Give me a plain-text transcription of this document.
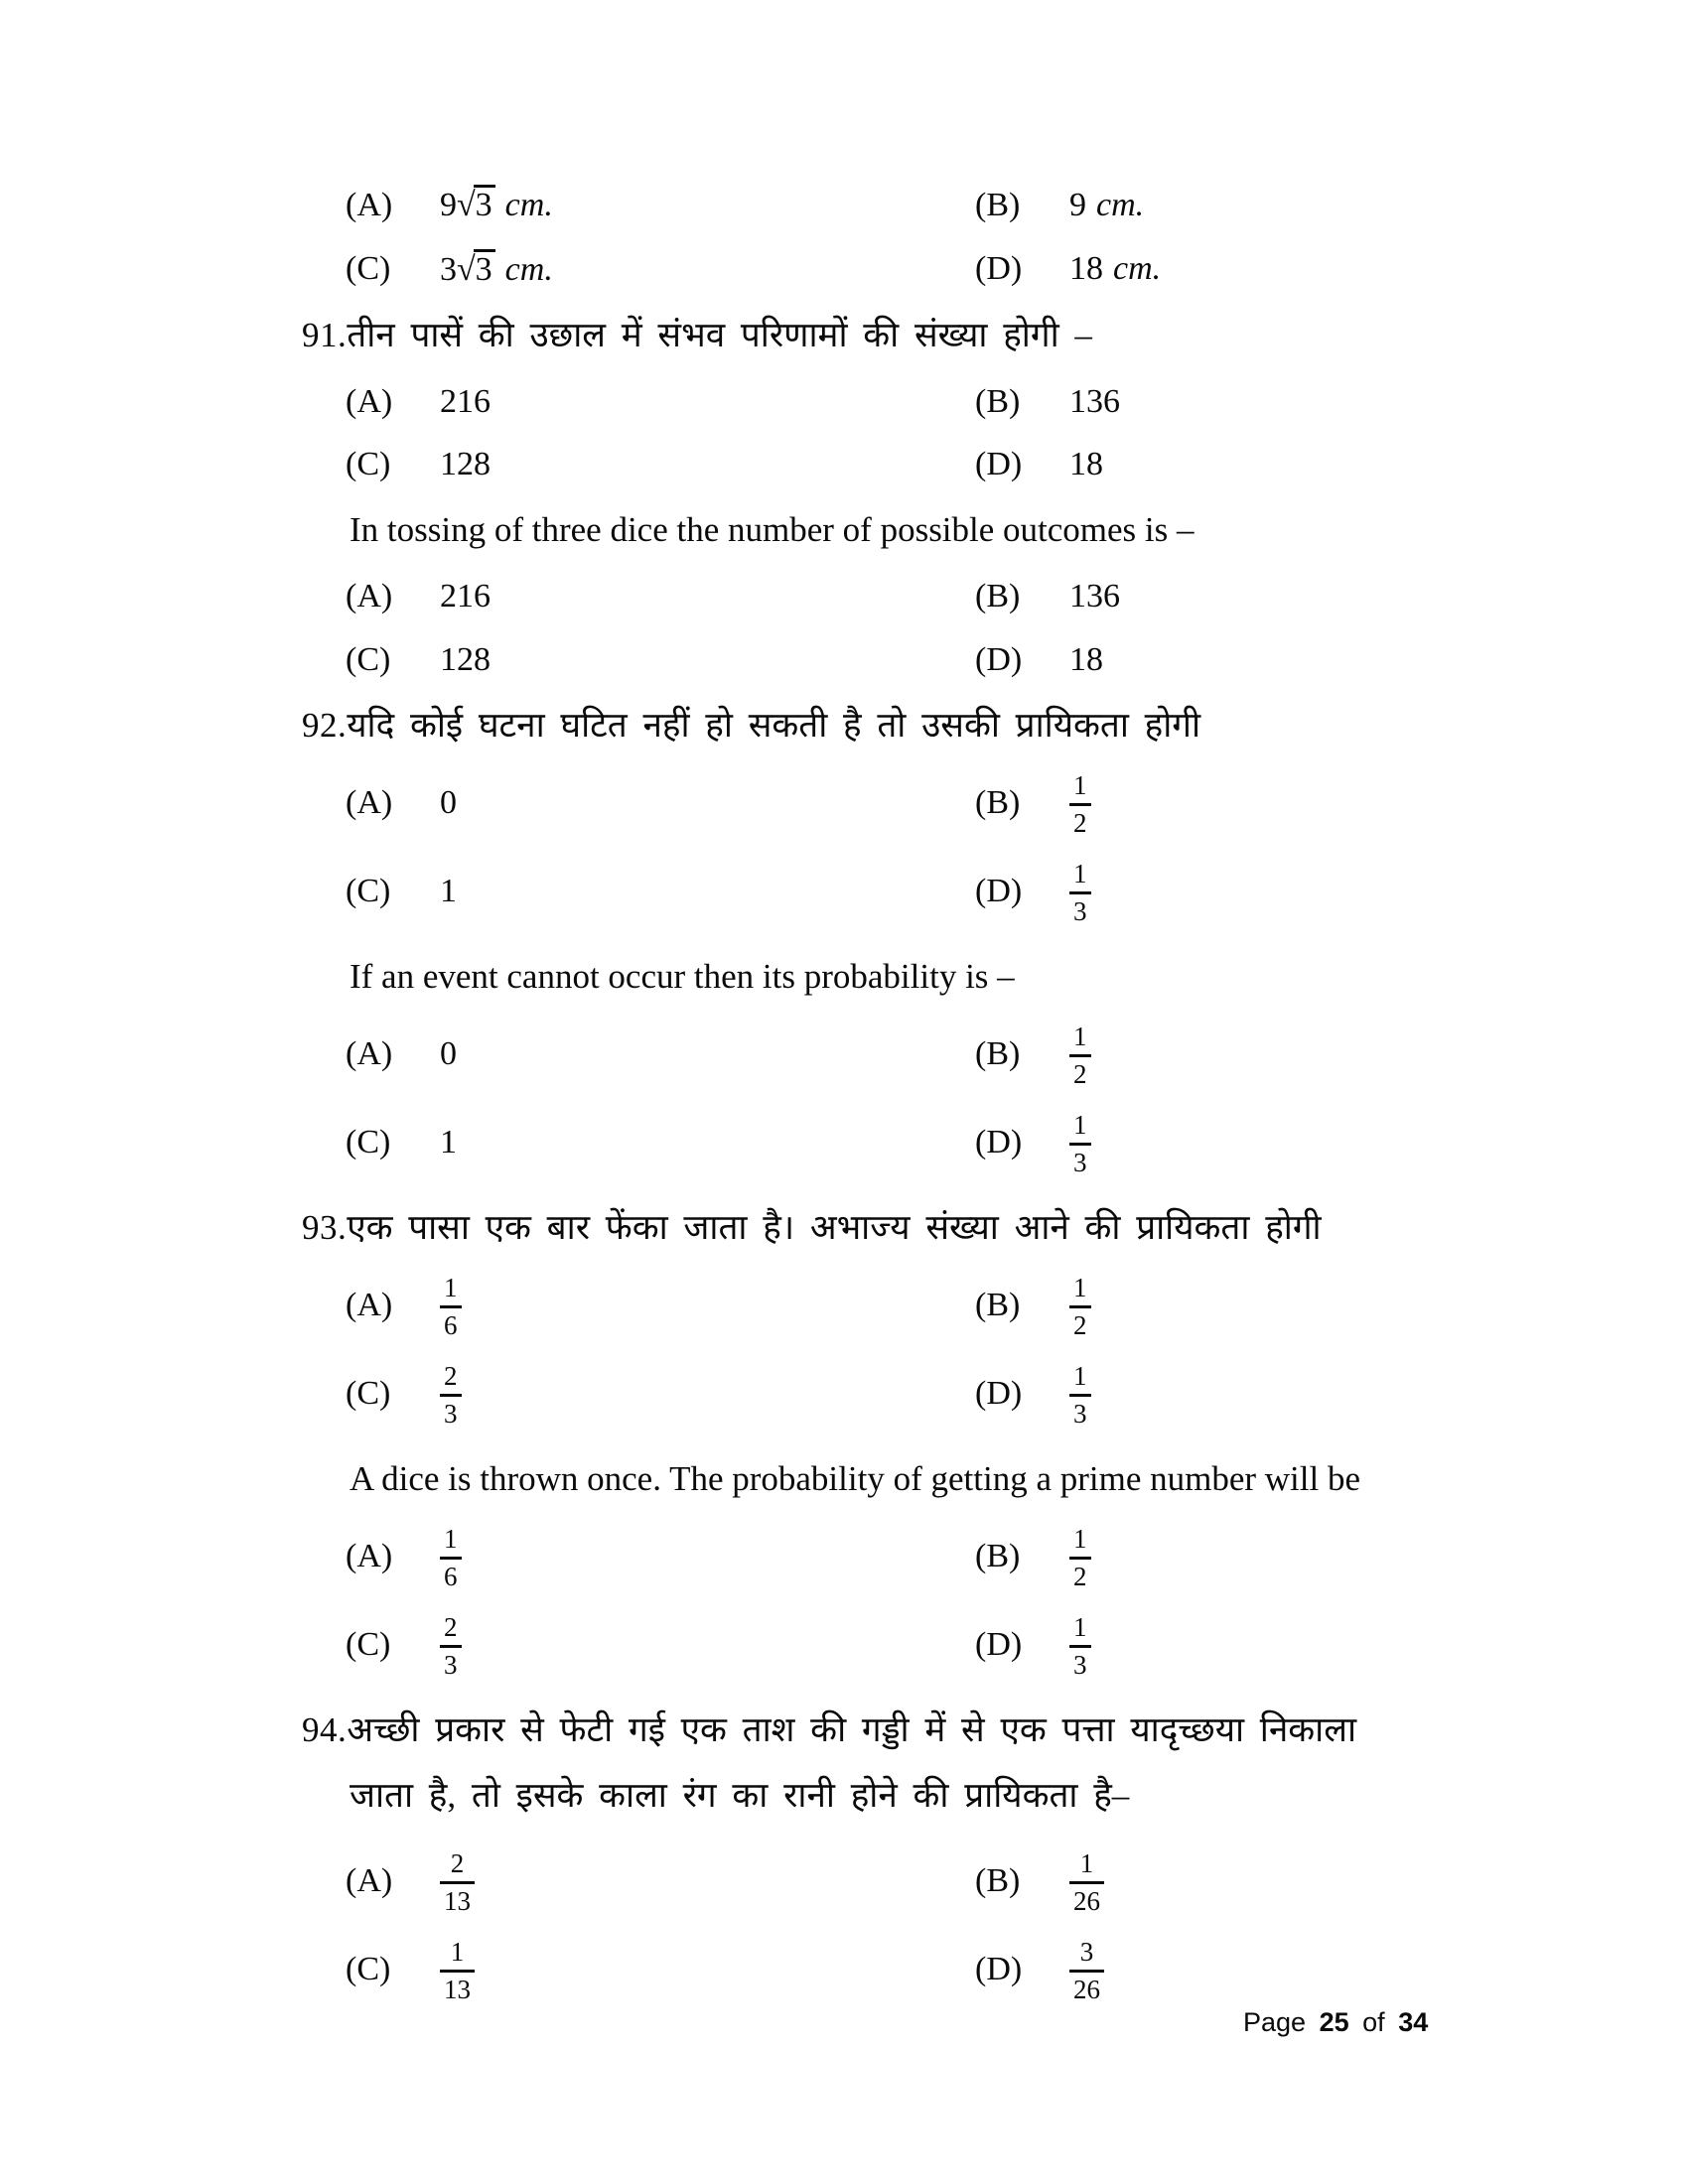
(A)	9 √ 3 cm.	(B)	9 cm.
(C)	3 √ 3 cm.	(D)	18 cm.
91.तीन पासें की उछाल में संभव परिणामों की संख्या होगी –
(A)	216	(B)	136
(C)	128	(D)	18
In tossing of three dice the number of possible outcomes is –
(A)	216	(B)	136
(C)	128	(D)	18
92.यदि कोई घटना घटित नहीं हो सकती है तो उसकी प्रायिकता होगी
(A)	0	(B)	$\frac{1}{2}$
(C)	1	(D)	$\frac{1}{3}$
If an event cannot occur then its probability is –
(A)	0	(B)	$\frac{1}{2}$
(C)	1	(D)	$\frac{1}{3}$
93.एक पासा एक बार फेंका जाता है। अभाज्य संख्या आने की प्रायिकता होगी
(A)	$\frac{1}{6}$	(B)	$\frac{1}{2}$
(C)	$\frac{2}{3}$	(D)	$\frac{1}{3}$
A dice is thrown once. The probability of getting a prime number will be
(A)	$\frac{1}{6}$	(B)	$\frac{1}{2}$
(C)	$\frac{2}{3}$	(D)	$\frac{1}{3}$
94.अच्छी प्रकार से फेटी गई एक ताश की गड्डी में से एक पत्ता यादृच्छया निकाला
जाता है, तो इसके काला रंग का रानी होने की प्रायिकता है–
(A)	$\frac{2}{13}$	(B)	$\frac{1}{26}$
(C)	$\frac{1}{13}$	(D)	$\frac{3}{26}$
Page 25 of 34
